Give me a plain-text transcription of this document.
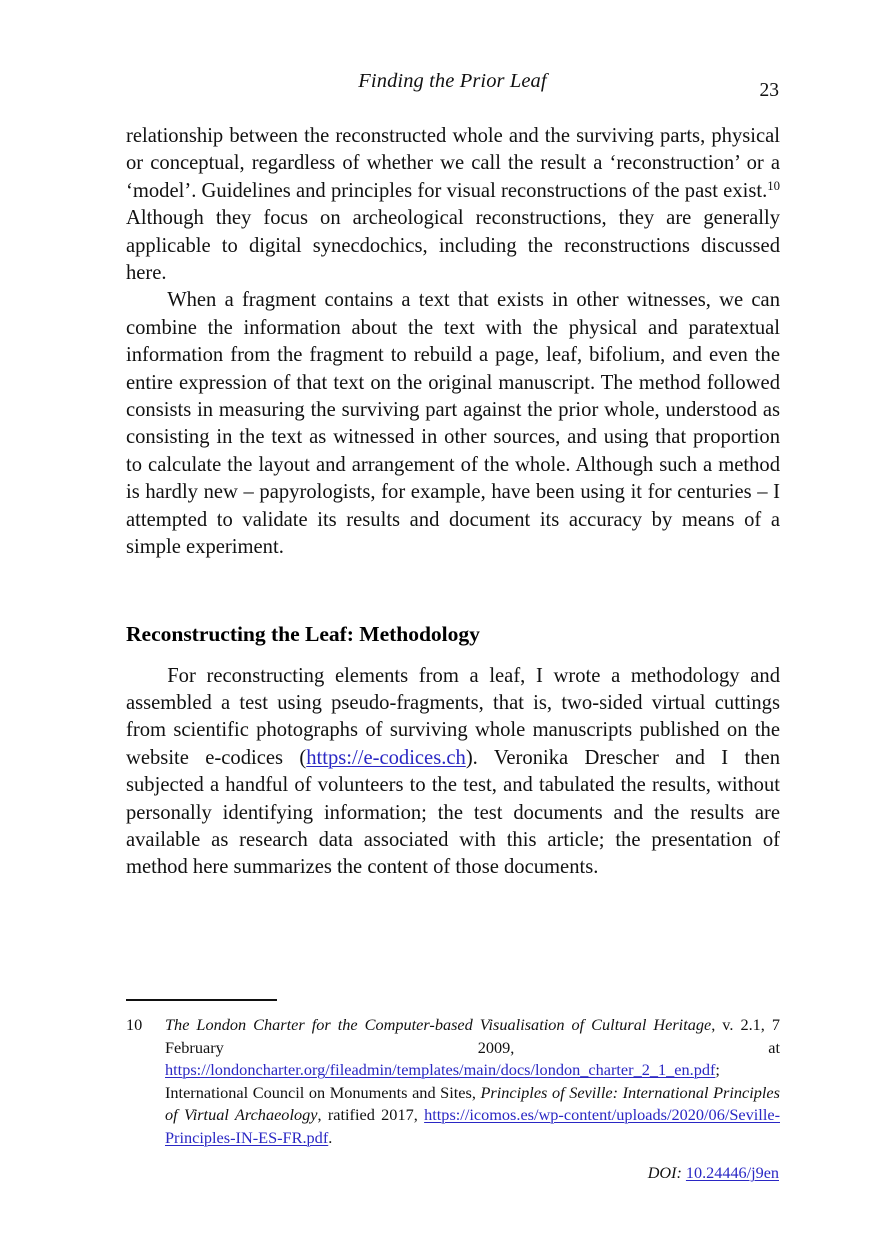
Finding the Prior Leaf	23

relationship between the reconstructed whole and the surviving parts, physical or conceptual, regardless of whether we call the result a ‘reconstruction’ or a ‘model’. Guidelines and principles for visual reconstructions of the past exist.$^{10}$ Although they focus on archeological reconstructions, they are generally applicable to digital synecdochics, including the reconstructions discussed here.

When a fragment contains a text that exists in other witnesses, we can combine the information about the text with the physical and paratextual information from the fragment to rebuild a page, leaf, bifolium, and even the entire expression of that text on the original manuscript. The method followed consists in measuring the surviving part against the prior whole, understood as consisting in the text as witnessed in other sources, and using that proportion to calculate the layout and arrangement of the whole. Although such a method is hardly new – papyrologists, for example, have been using it for centuries – I attempted to validate its results and document its accuracy by means of a simple experiment.

Reconstructing the Leaf: Methodology

For reconstructing elements from a leaf, I wrote a methodology and assembled a test using pseudo-fragments, that is, two-sided virtual cuttings from scientific photographs of surviving whole manuscripts published on the website e-codices (https://e-codices.ch). Veronika Drescher and I then subjected a handful of volunteers to the test, and tabulated the results, without personally identifying information; the test documents and the results are available as research data associated with this article; the presentation of method here summarizes the content of those documents.

10	The London Charter for the Computer-based Visualisation of Cultural Heritage, v. 2.1, 7 February 2009, at https://londoncharter.org/fileadmin/templates/main/docs/london_charter_2_1_en.pdf; International Council on Monuments and Sites, Principles of Seville: International Principles of Virtual Archaeology, ratified 2017, https://icomos.es/wp-content/uploads/2020/06/Seville-Principles-IN-ES-FR.pdf.
DOI: 10.24446/j9en
